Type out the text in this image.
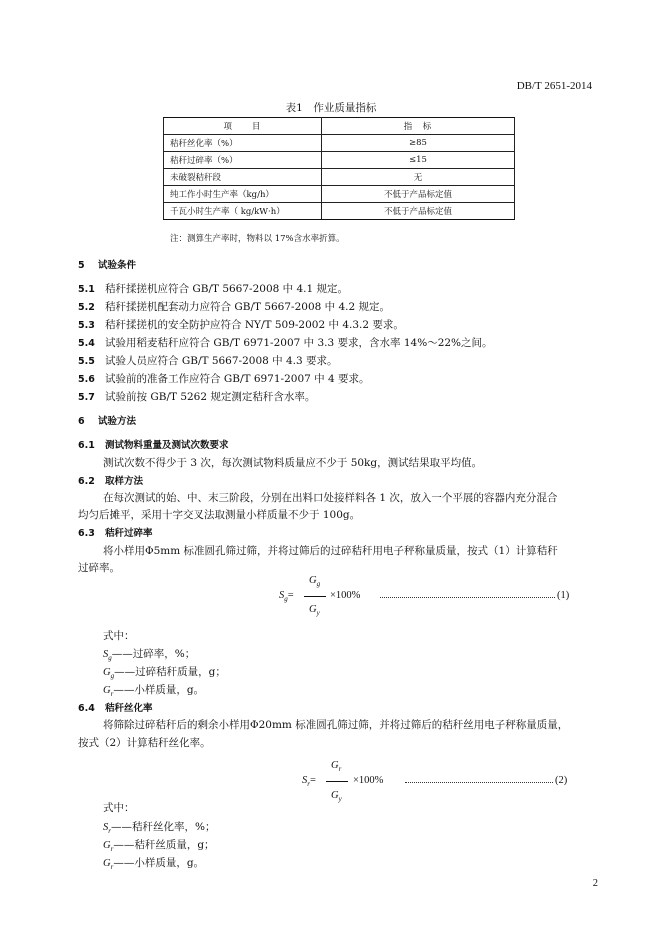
DB/T 2651-2014
表1　作业质量指标
项　　目	指　标
秸秆丝化率（%）	≥85
秸秆过碎率（%）	≤15
未破裂秸秆段	无
纯工作小时生产率（kg/h）	不低于产品标定值
千瓦小时生产率（ kg/kW·h）	不低于产品标定值
注：测算生产率时，物料以 17%含水率折算。
5 试验条件
5.1 秸秆揉搓机应符合 GB/T 5667-2008 中 4.1 规定。
5.2 秸秆揉搓机配套动力应符合 GB/T 5667-2008 中 4.2 规定。
5.3 秸秆揉搓机的安全防护应符合 NY/T 509-2002 中 4.3.2 要求。
5.4 试验用稻麦秸秆应符合 GB/T 6971-2007 中 3.3 要求，含水率 14%～22%之间。
5.5 试验人员应符合 GB/T 5667-2008 中 4.3 要求。
5.6 试验前的准备工作应符合 GB/T 6971-2007 中 4 要求。
5.7 试验前按 GB/T 5262 规定测定秸秆含水率。
6 试验方法
6.1 测试物料重量及测试次数要求
测试次数不得少于 3 次，每次测试物料质量应不少于 50kg，测试结果取平均值。
6.2 取样方法
在每次测试的始、中、末三阶段，分别在出料口处接样料各 1 次，放入一个平展的容器内充分混合
均匀后摊平，采用十字交叉法取测量小样质量不少于 100g。
6.3 秸秆过碎率
将小样用Φ5mm 标准圆孔筛过筛，并将过筛后的过碎秸秆用电子秤称量质量，按式（1）计算秸秆
过碎率。
$S_g=$
$G_g$
$G_y$
×100%	(1)
式中：
$S_g——$过碎率，%；
$G_g——$过碎秸秆质量，g；
$G_r——$小样质量，g。
6.4 秸秆丝化率
将筛除过碎秸秆后的剩余小样用Φ20mm 标准圆孔筛过筛，并将过筛后的秸秆丝用电子秤称量质量，
按式（2）计算秸秆丝化率。
$S_r=$
$G_r$
$G_y$
×100%	(2)
式中：
$S_r——$秸秆丝化率，%；
$G_r——$秸秆丝质量，g；
$G_r——$小样质量，g。
2
